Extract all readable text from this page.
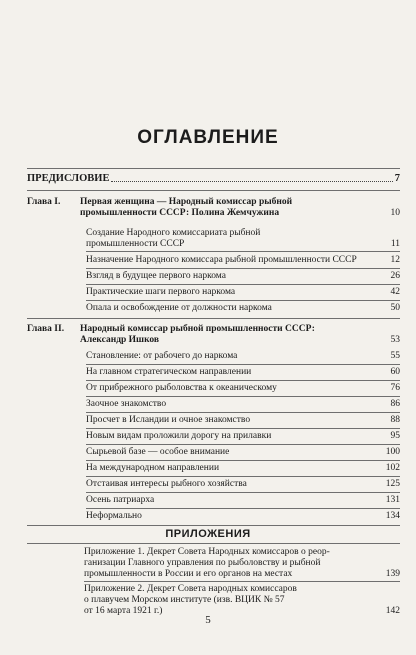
ОГЛАВЛЕНИЕ
ПРЕДИСЛОВИЕ	7
Глава I.	Первая женщина — Народный комиссар рыбной
промышленности СССР: Полина Жемчужина	10
Создание Народного комиссариата рыбной
промышленности СССР	11
Назначение Народного комиссара рыбной промышленности СССР	12
Взгляд в будущее первого наркома	26
Практические шаги первого наркома	42
Опала и освобождение от должности наркома	50
Глава II.	Народный комиссар рыбной промышленности СССР:
Александр Ишков	53
Становление: от рабочего до наркома	55
На главном стратегическом направлении	60
От прибрежного рыболовства к океаническому	76
Заочное знакомство	86
Просчет в Исландии и очное знакомство	88
Новым видам проложили дорогу на прилавки	95
Сырьевой базе — особое внимание	100
На международном направлении	102
Отстаивая интересы рыбного хозяйства	125
Осень патриарха	131
Неформально	134
ПРИЛОЖЕНИЯ
Приложение 1. Декрет Совета Народных комиссаров о реор-
ганизации Главного управления по рыболовству и рыбной
промышленности в России и его органов на местах	139
Приложение 2. Декрет Совета народных комиссаров
о плавучем Морском институте (изв. ВЦИК № 57
от 16 марта 1921 г.)	142
5
